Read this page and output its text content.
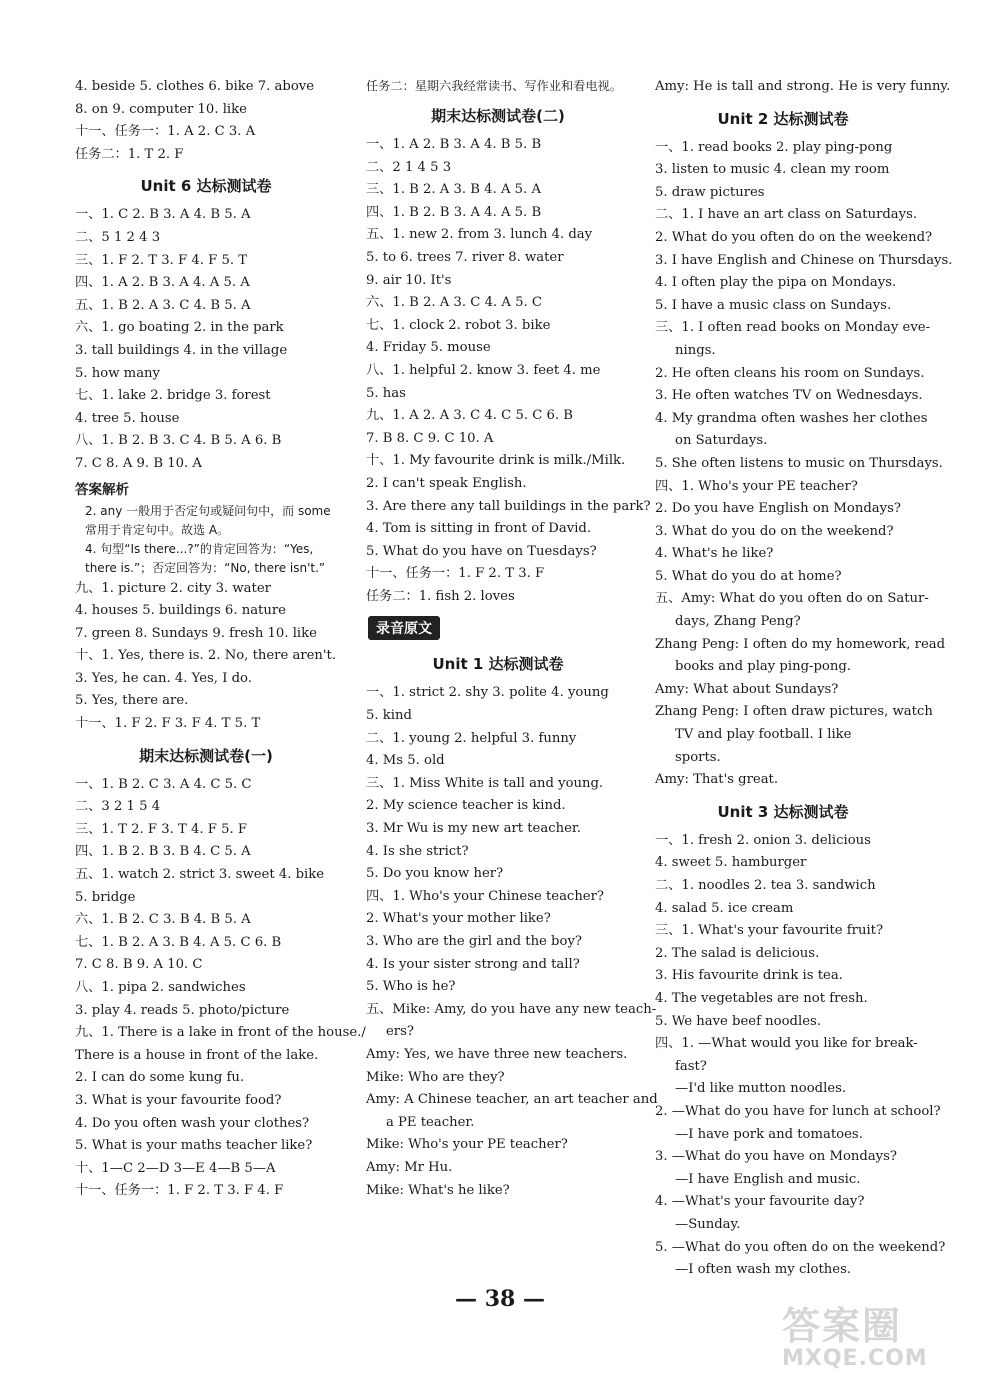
4. beside 5. clothes 6. bike 7. above
8. on 9. computer 10. like
十一、任务一：1. A 2. C 3. A
任务二：1. T 2. F
Unit 6 达标测试卷
一、1. C 2. B 3. A 4. B 5. A
二、5 1 2 4 3
三、1. F 2. T 3. F 4. F 5. T
四、1. A 2. B 3. A 4. A 5. A
五、1. B 2. A 3. C 4. B 5. A
六、1. go boating 2. in the park
3. tall buildings 4. in the village
5. how many
七、1. lake 2. bridge 3. forest
4. tree 5. house
八、1. B 2. B 3. C 4. B 5. A 6. B
7. C 8. A 9. B 10. A
答案解析
2. any 一般用于否定句或疑问句中，而 some 常用于肯定句中。故选 A。
4. 句型“Is there...?”的肯定回答为：“Yes, there is.”；否定回答为：“No, there isn't.”
九、1. picture 2. city 3. water
4. houses 5. buildings 6. nature
7. green 8. Sundays 9. fresh 10. like
十、1. Yes, there is. 2. No, there aren't.
3. Yes, he can. 4. Yes, I do.
5. Yes, there are.
十一、1. F 2. F 3. F 4. T 5. T
期末达标测试卷(一)
一、1. B 2. C 3. A 4. C 5. C
二、3 2 1 5 4
三、1. T 2. F 3. T 4. F 5. F
四、1. B 2. B 3. B 4. C 5. A
五、1. watch 2. strict 3. sweet 4. bike
5. bridge
六、1. B 2. C 3. B 4. B 5. A
七、1. B 2. A 3. B 4. A 5. C 6. B
7. C 8. B 9. A 10. C
八、1. pipa 2. sandwiches
3. play 4. reads 5. photo/picture
九、1. There is a lake in front of the house./
There is a house in front of the lake.
2. I can do some kung fu.
3. What is your favourite food?
4. Do you often wash your clothes?
5. What is your maths teacher like?
十、1—C 2—D 3—E 4—B 5—A
十一、任务一：1. F 2. T 3. F 4. F
任务二：星期六我经常读书、写作业和看电视。
期末达标测试卷(二)
一、1. A 2. B 3. A 4. B 5. B
二、2 1 4 5 3
三、1. B 2. A 3. B 4. A 5. A
四、1. B 2. B 3. A 4. A 5. B
五、1. new 2. from 3. lunch 4. day
5. to 6. trees 7. river 8. water
9. air 10. It's
六、1. B 2. A 3. C 4. A 5. C
七、1. clock 2. robot 3. bike
4. Friday 5. mouse
八、1. helpful 2. know 3. feet 4. me
5. has
九、1. A 2. A 3. C 4. C 5. C 6. B
7. B 8. C 9. C 10. A
十、1. My favourite drink is milk./Milk.
2. I can't speak English.
3. Are there any tall buildings in the park?
4. Tom is sitting in front of David.
5. What do you have on Tuesdays?
十一、任务一：1. F 2. T 3. F
任务二：1. fish 2. loves
录音原文
Unit 1 达标测试卷
一、1. strict 2. shy 3. polite 4. young
5. kind
二、1. young 2. helpful 3. funny
4. Ms 5. old
三、1. Miss White is tall and young.
2. My science teacher is kind.
3. Mr Wu is my new art teacher.
4. Is she strict?
5. Do you know her?
四、1. Who's your Chinese teacher?
2. What's your mother like?
3. Who are the girl and the boy?
4. Is your sister strong and tall?
5. Who is he?
五、Mike: Amy, do you have any new teach-
ers?
Amy: Yes, we have three new teachers.
Mike: Who are they?
Amy: A Chinese teacher, an art teacher and
a PE teacher.
Mike: Who's your PE teacher?
Amy: Mr Hu.
Mike: What's he like?
Amy: He is tall and strong. He is very funny.
Unit 2 达标测试卷
一、1. read books 2. play ping-pong
3. listen to music 4. clean my room
5. draw pictures
二、1. I have an art class on Saturdays.
2. What do you often do on the weekend?
3. I have English and Chinese on Thursdays.
4. I often play the pipa on Mondays.
5. I have a music class on Sundays.
三、1. I often read books on Monday eve-
nings.
2. He often cleans his room on Sundays.
3. He often watches TV on Wednesdays.
4. My grandma often washes her clothes
on Saturdays.
5. She often listens to music on Thursdays.
四、1. Who's your PE teacher?
2. Do you have English on Mondays?
3. What do you do on the weekend?
4. What's he like?
5. What do you do at home?
五、Amy: What do you often do on Satur-
days, Zhang Peng?
Zhang Peng: I often do my homework, read
books and play ping-pong.
Amy: What about Sundays?
Zhang Peng: I often draw pictures, watch
TV and play football. I like
sports.
Amy: That's great.
Unit 3 达标测试卷
一、1. fresh 2. onion 3. delicious
4. sweet 5. hamburger
二、1. noodles 2. tea 3. sandwich
4. salad 5. ice cream
三、1. What's your favourite fruit?
2. The salad is delicious.
3. His favourite drink is tea.
4. The vegetables are not fresh.
5. We have beef noodles.
四、1. —What would you like for break-
fast?
—I'd like mutton noodles.
2. —What do you have for lunch at school?
—I have pork and tomatoes.
3. —What do you have on Mondays?
—I have English and music.
4. —What's your favourite day?
—Sunday.
5. —What do you often do on the weekend?
—I often wash my clothes.
— 38 —
答案圈
MXQE.COM
